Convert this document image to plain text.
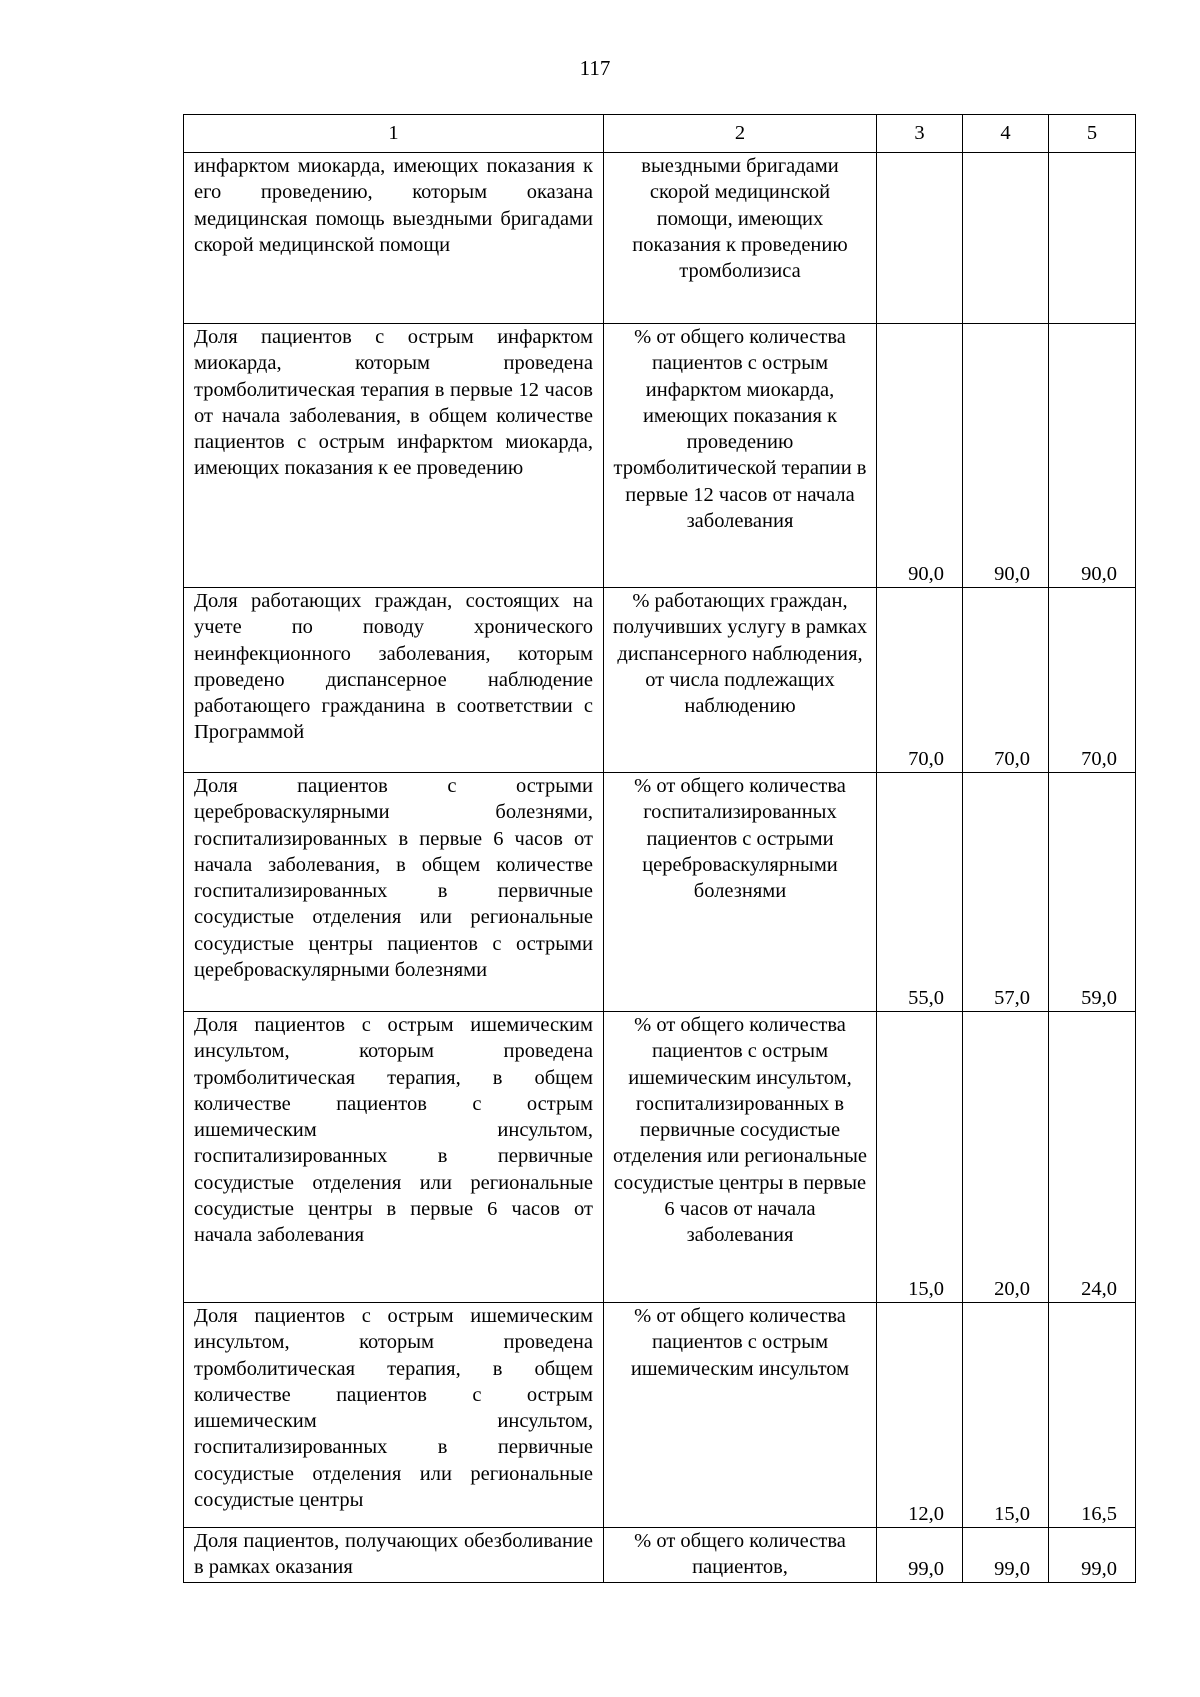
117
1	2	3	4	5
инфарктом миокарда, имеющих показания к его проведению, которым оказана медицинская помощь выездными бригадами скорой медицинской помощи	выездными бригадами скорой медицинской помощи, имеющих показания к проведению тромболизиса			
Доля пациентов с острым инфарктом миокарда, которым проведена тромболитическая терапия в первые 12 часов от начала заболевания, в общем количестве пациентов с острым инфарктом миокарда, имеющих показания к ее проведению	% от общего количества пациентов с острым инфарктом миокарда, имеющих показания к проведению тромболитической терапии в первые 12 часов от начала заболевания	90,0	90,0	90,0
Доля работающих граждан, состоящих на учете по поводу хронического неинфекционного заболевания, которым проведено диспансерное наблюдение работающего гражданина в соответствии с Программой	% работающих граждан, получивших услугу в рамках диспансерного наблюдения, от числа подлежащих наблюдению	70,0	70,0	70,0
Доля пациентов с острыми цереброваскулярными болезнями, госпитализированных в первые 6 часов от начала заболевания, в общем количестве госпитализированных в первичные сосудистые отделения или региональные сосудистые центры пациентов с острыми цереброваскулярными болезнями	% от общего количества госпитализированных пациентов с острыми цереброваскулярными болезнями	55,0	57,0	59,0
Доля пациентов с острым ишемическим инсультом, которым проведена тромболитическая терапия, в общем количестве пациентов с острым ишемическим инсультом, госпитализированных в первичные сосудистые отделения или региональные сосудистые центры в первые 6 часов от начала заболевания	% от общего количества пациентов с острым ишемическим инсультом, госпитализированных в первичные сосудистые отделения или региональные сосудистые центры в первые 6 часов от начала заболевания	15,0	20,0	24,0
Доля пациентов с острым ишемическим инсультом, которым проведена тромболитическая терапия, в общем количестве пациентов с острым ишемическим инсультом, госпитализированных в первичные сосудистые отделения или региональные сосудистые центры	% от общего количества пациентов с острым ишемическим инсультом	12,0	15,0	16,5
Доля пациентов, получающих обезболивание в рамках оказания	% от общего количества пациентов,	99,0	99,0	99,0
